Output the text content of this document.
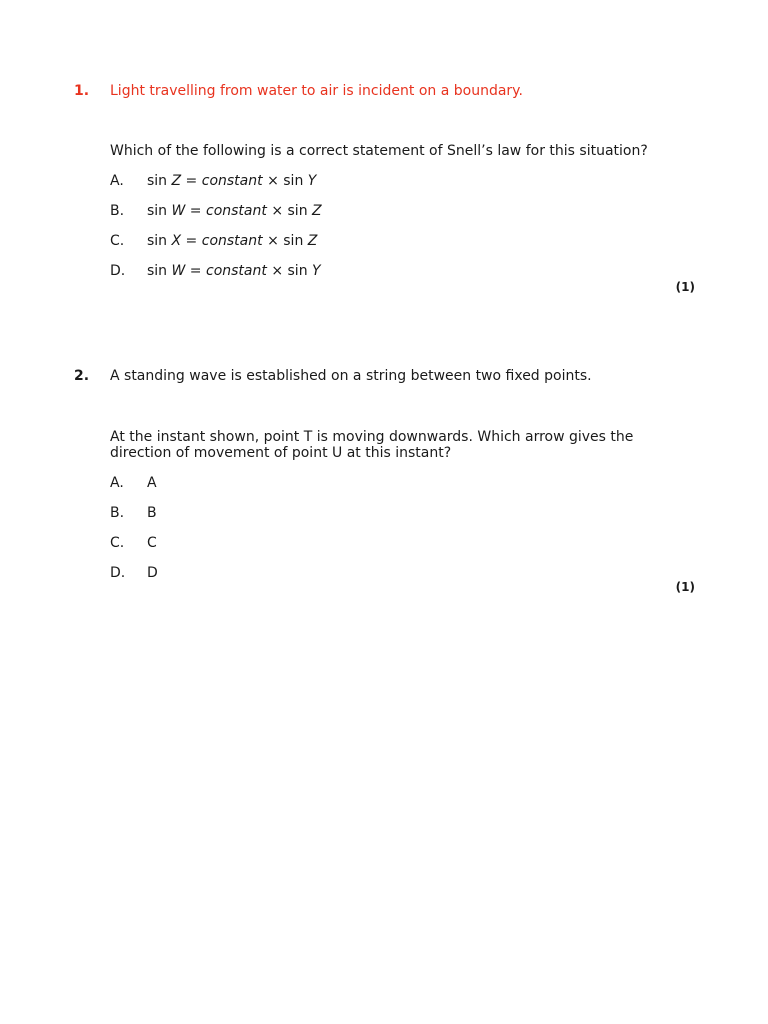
1. Light travelling from water to air is incident on a boundary.
Which of the following is a correct statement of Snell’s law for this situation?
A. sin Z = constant × sin Y
B. sin W = constant × sin Z
C. sin X = constant × sin Z
D. sin W = constant × sin Y
(1)
2. A standing wave is established on a string between two fixed points.
At the instant shown, point T is moving downwards. Which arrow gives the direction of movement of point U at this instant?
A. A
B. B
C. C
D. D
(1)
